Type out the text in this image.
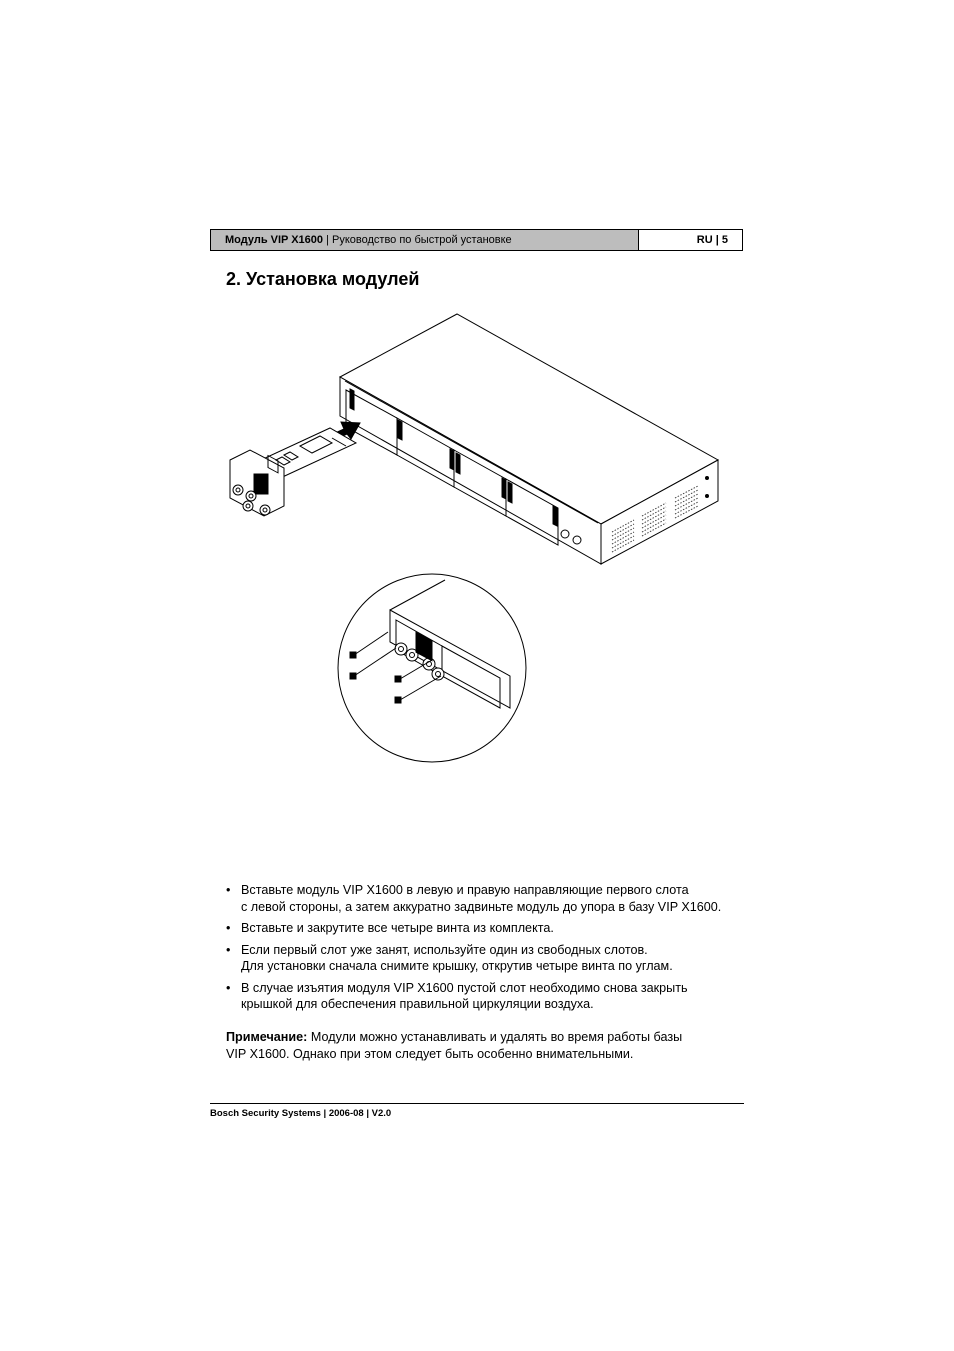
Модуль VIP X1600 | Руководство по быстрой установке	RU | 5
2. Установка модулей
• Вставьте модуль VIP X1600 в левую и правую направляющие первого слота
с левой стороны, а затем аккуратно задвиньте модуль до упора в базу VIP X1600.
• Вставьте и закрутите все четыре винта из комплекта.
• Если первый слот уже занят, используйте один из свободных слотов.
Для установки сначала снимите крышку, открутив четыре винта по углам.
• В случае изъятия модуля VIP X1600 пустой слот необходимо снова закрыть
крышкой для обеспечения правильной циркуляции воздуха.

Примечание: Модули можно устанавливать и удалять во время работы базы
VIP X1600. Однако при этом следует быть особенно внимательными.

Bosch Security Systems | 2006-08 | V2.0
